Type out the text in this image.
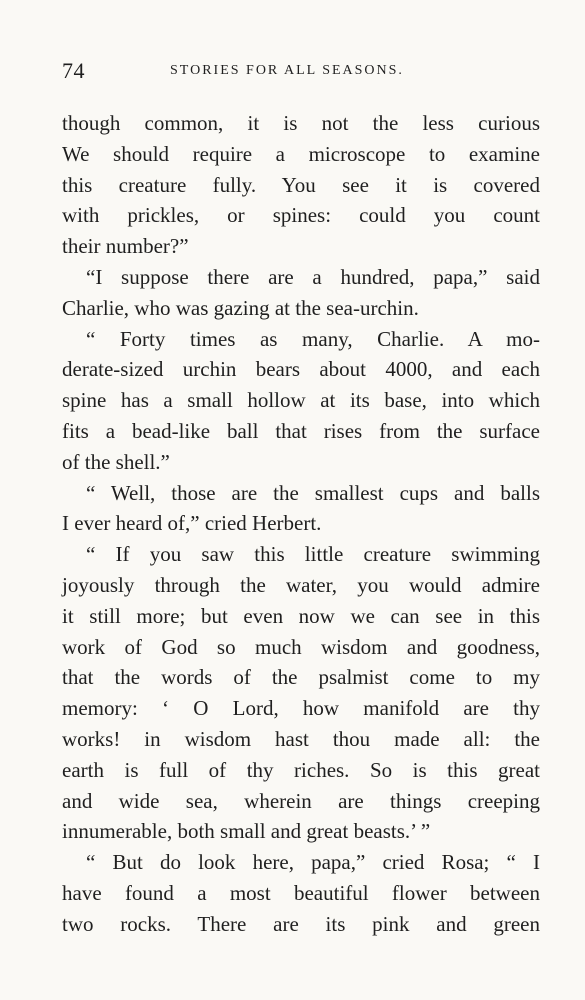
74	STORIES FOR ALL SEASONS.
though common, it is not the less curious
We should require a microscope to examine
this creature fully. You see it is covered
with prickles, or spines: could you count
their number?”
“I suppose there are a hundred, papa,” said
Charlie, who was gazing at the sea-urchin.
“ Forty times as many, Charlie. A mo-
derate-sized urchin bears about 4000, and each
spine has a small hollow at its base, into which
fits a bead-like ball that rises from the surface
of the shell.”
“ Well, those are the smallest cups and balls
I ever heard of,” cried Herbert.
“ If you saw this little creature swimming
joyously through the water, you would admire
it still more; but even now we can see in this
work of God so much wisdom and goodness,
that the words of the psalmist come to my
memory: ‘ O Lord, how manifold are thy
works! in wisdom hast thou made all: the
earth is full of thy riches. So is this great
and wide sea, wherein are things creeping
innumerable, both small and great beasts.’ ”
“ But do look here, papa,” cried Rosa; “ I
have found a most beautiful flower between
two rocks. There are its pink and green
